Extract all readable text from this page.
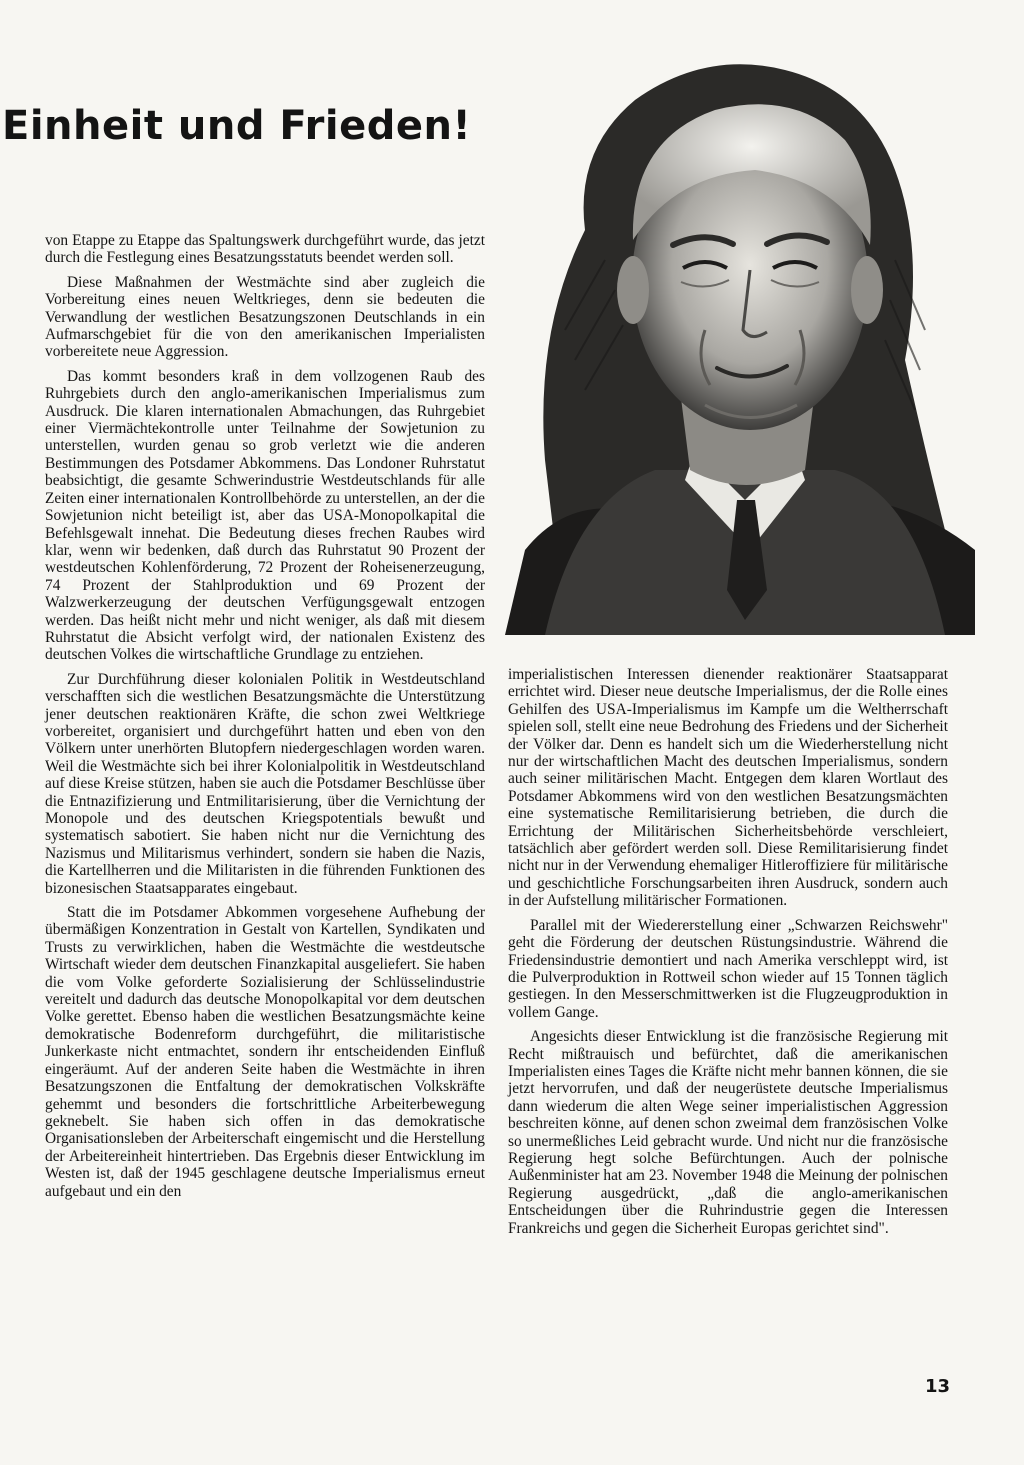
Einheit und Frieden!

von Etappe zu Etappe das Spaltungswerk durchgeführt wurde, das jetzt durch die Festlegung eines Besatzungsstatuts beendet werden soll.

Diese Maßnahmen der Westmächte sind aber zugleich die Vorbereitung eines neuen Weltkrieges, denn sie bedeuten die Verwandlung der westlichen Besatzungszonen Deutschlands in ein Aufmarschgebiet für die von den amerikanischen Imperialisten vorbereitete neue Aggression.

Das kommt besonders kraß in dem vollzogenen Raub des Ruhrgebiets durch den anglo-amerikanischen Imperialismus zum Ausdruck. Die klaren internationalen Abmachungen, das Ruhrgebiet einer Viermächtekontrolle unter Teilnahme der Sowjetunion zu unterstellen, wurden genau so grob verletzt wie die anderen Bestimmungen des Potsdamer Abkommens. Das Londoner Ruhrstatut beabsichtigt, die gesamte Schwerindustrie Westdeutschlands für alle Zeiten einer internationalen Kontrollbehörde zu unterstellen, an der die Sowjetunion nicht beteiligt ist, aber das USA-Monopolkapital die Befehlsgewalt innehat. Die Bedeutung dieses frechen Raubes wird klar, wenn wir bedenken, daß durch das Ruhrstatut 90 Prozent der westdeutschen Kohlenförderung, 72 Prozent der Roheisenerzeugung, 74 Prozent der Stahlproduktion und 69 Prozent der Walzwerkerzeugung der deutschen Verfügungsgewalt entzogen werden. Das heißt nicht mehr und nicht weniger, als daß mit diesem Ruhrstatut die Absicht verfolgt wird, der nationalen Existenz des deutschen Volkes die wirtschaftliche Grundlage zu entziehen.

Zur Durchführung dieser kolonialen Politik in Westdeutschland verschafften sich die westlichen Besatzungsmächte die Unterstützung jener deutschen reaktionären Kräfte, die schon zwei Weltkriege vorbereitet, organisiert und durchgeführt hatten und eben von den Völkern unter unerhörten Blutopfern niedergeschlagen worden waren. Weil die Westmächte sich bei ihrer Kolonialpolitik in Westdeutschland auf diese Kreise stützen, haben sie auch die Potsdamer Beschlüsse über die Entnazifizierung und Entmilitarisierung, über die Vernichtung der Monopole und des deutschen Kriegspotentials bewußt und systematisch sabotiert. Sie haben nicht nur die Vernichtung des Nazismus und Militarismus verhindert, sondern sie haben die Nazis, die Kartellherren und die Militaristen in die führenden Funktionen des bizonesischen Staatsapparates eingebaut.

Statt die im Potsdamer Abkommen vorgesehene Aufhebung der übermäßigen Konzentration in Gestalt von Kartellen, Syndikaten und Trusts zu verwirklichen, haben die Westmächte die westdeutsche Wirtschaft wieder dem deutschen Finanzkapital ausgeliefert. Sie haben die vom Volke geforderte Sozialisierung der Schlüsselindustrie vereitelt und dadurch das deutsche Monopolkapital vor dem deutschen Volke gerettet. Ebenso haben die westlichen Besatzungsmächte keine demokratische Bodenreform durchgeführt, die militaristische Junkerkaste nicht entmachtet, sondern ihr entscheidenden Einfluß eingeräumt. Auf der anderen Seite haben die Westmächte in ihren Besatzungszonen die Entfaltung der demokratischen Volkskräfte gehemmt und besonders die fortschrittliche Arbeiterbewegung geknebelt. Sie haben sich offen in das demokratische Organisationsleben der Arbeiterschaft eingemischt und die Herstellung der Arbeitereinheit hintertrieben. Das Ergebnis dieser Entwicklung im Westen ist, daß der 1945 geschlagene deutsche Imperialismus erneut aufgebaut und ein den

imperialistischen Interessen dienender reaktionärer Staatsapparat errichtet wird. Dieser neue deutsche Imperialismus, der die Rolle eines Gehilfen des USA-Imperialismus im Kampfe um die Weltherrschaft spielen soll, stellt eine neue Bedrohung des Friedens und der Sicherheit der Völker dar. Denn es handelt sich um die Wiederherstellung nicht nur der wirtschaftlichen Macht des deutschen Imperialismus, sondern auch seiner militärischen Macht. Entgegen dem klaren Wortlaut des Potsdamer Abkommens wird von den westlichen Besatzungsmächten eine systematische Remilitarisierung betrieben, die durch die Errichtung der Militärischen Sicherheitsbehörde verschleiert, tatsächlich aber gefördert werden soll. Diese Remilitarisierung findet nicht nur in der Verwendung ehemaliger Hitleroffiziere für militärische und geschichtliche Forschungsarbeiten ihren Ausdruck, sondern auch in der Aufstellung militärischer Formationen.

Parallel mit der Wiedererstellung einer „Schwarzen Reichswehr" geht die Förderung der deutschen Rüstungsindustrie. Während die Friedensindustrie demontiert und nach Amerika verschleppt wird, ist die Pulverproduktion in Rottweil schon wieder auf 15 Tonnen täglich gestiegen. In den Messerschmittwerken ist die Flugzeugproduktion in vollem Gange.

Angesichts dieser Entwicklung ist die französische Regierung mit Recht mißtrauisch und befürchtet, daß die amerikanischen Imperialisten eines Tages die Kräfte nicht mehr bannen können, die sie jetzt hervorrufen, und daß der neugerüstete deutsche Imperialismus dann wiederum die alten Wege seiner imperialistischen Aggression beschreiten könne, auf denen schon zweimal dem französischen Volke so unermeßliches Leid gebracht wurde. Und nicht nur die französische Regierung hegt solche Befürchtungen. Auch der polnische Außenminister hat am 23. November 1948 die Meinung der polnischen Regierung ausgedrückt, „daß die anglo-amerikanischen Entscheidungen über die Ruhrindustrie gegen die Interessen Frankreichs und gegen die Sicherheit Europas gerichtet sind".

13
